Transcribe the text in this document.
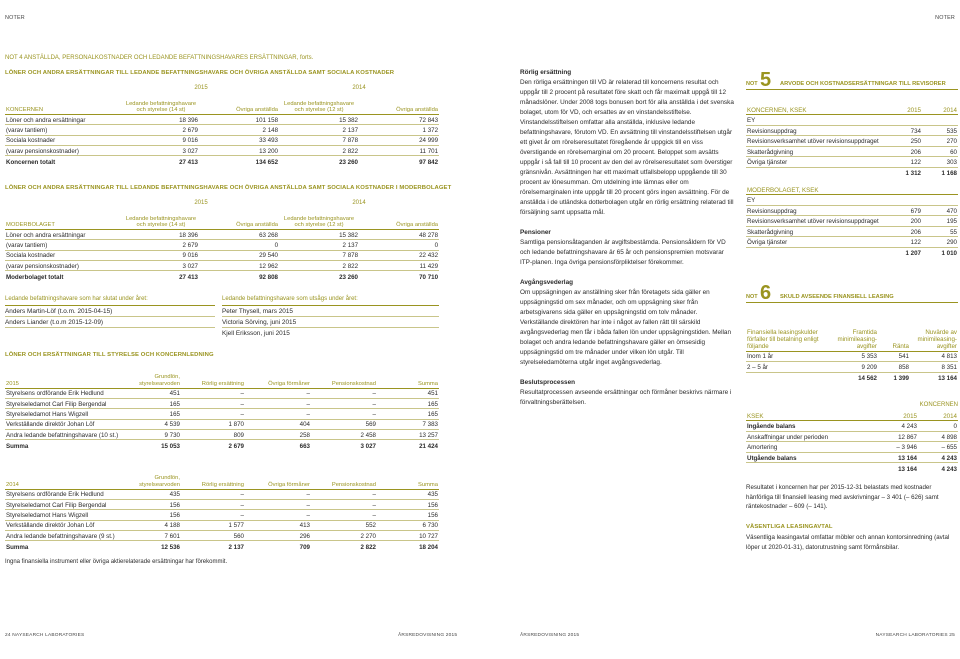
NOTER	NOTER
NOT 4 ANSTÄLLDA, PERSONALKOSTNADER OCH LEDANDE BEFATTNINGSHAVARES ERSÄTTNINGAR, forts.
LÖNER OCH ANDRA ERSÄTTNINGAR TILL LEDANDE BEFATTNINGSHAVARE OCH ÖVRIGA ANSTÄLLDA SAMT SOCIALA KOSTNADER
	2015		2014	
KONCERNEN	Ledande befattningshavare och styrelse (14 st)	Övriga anställda	Ledande befattningshavare och styrelse (12 st)	Övriga anställda
Löner och andra ersättningar	18 396	101 158	15 382	72 843
(varav tantiem)	2 679	2 148	2 137	1 372
Sociala kostnader	9 016	33 493	7 878	24 999
(varav pensionskostnader)	3 027	13 200	2 822	11 701
Koncernen totalt	27 413	134 652	23 260	97 842
LÖNER OCH ANDRA ERSÄTTNINGAR TILL LEDANDE BEFATTNINGSHAVARE OCH ÖVRIGA ANSTÄLLDA SAMT SOCIALA KOSTNADER I MODERBOLAGET
	2015		2014	
MODERBOLAGET	Ledande befattningshavare och styrelse (14 st)	Övriga anställda	Ledande befattningshavare och styrelse (12 st)	Övriga anställda
Löner och andra ersättningar	18 396	63 268	15 382	48 278
(varav tantiem)	2 679	0	2 137	0
Sociala kostnader	9 016	29 540	7 878	22 432
(varav pensionskostnader)	3 027	12 962	2 822	11 429
Moderbolaget totalt	27 413	92 808	23 260	70 710
Ledande befattningshavare som har slutat under året:
Anders Martin-Löf (t.o.m. 2015-04-15)
Anders Liander (t.o.m 2015-12-09)
Ledande befattningshavare som utsågs under året:
Peter Thysell, mars 2015
Victoria Sörving, juni 2015
Kjell Eriksson, juni 2015
LÖNER OCH ERSÄTTNINGAR TILL STYRELSE OCH KONCERNLEDNING
2015	Grundlön, styrelsearvoden	Rörlig ersättning	Övriga förmåner	Pensionskostnad	Summa
Styrelsens ordförande Erik Hedlund	451	–	–	–	451
Styrelseledamot Carl Filip Bergendal	165	–	–	–	165
Styrelseledamot Hans Wigzell	165	–	–	–	165
Verkställande direktör Johan Löf	4 539	1 870	404	569	7 383
Andra ledande befattningshavare (10 st.)	9 730	809	258	2 458	13 257
Summa	15 053	2 679	663	3 027	21 424
2014	Grundlön, styrelsearvoden	Rörlig ersättning	Övriga förmåner	Pensionskostnad	Summa
Styrelsens ordförande Erik Hedlund	435	–	–	–	435
Styrelseledamot Carl Filip Bergendal	156	–	–	–	156
Styrelseledamot Hans Wigzell	156	–	–	–	156
Verkställande direktör Johan Löf	4 188	1 577	413	552	6 730
Andra ledande befattningshavare (9 st.)	7 601	560	296	2 270	10 727
Summa	12 536	2 137	709	2 822	18 204
Ingna finansiella instrument eller övriga aktierelaterade ersättningar har förekommit.
Rörlig ersättning

Den rörliga ersättningen till VD är relaterad till koncernens resultat och uppgår till 2 procent på resultatet före skatt och får maximalt uppgå till 12 månadslöner. Under 2008 togs bonusen bort för alla anställda i det svenska bolaget, utom för VD, och ersattes av en vinstandelsstiftelse. Vinstandelsstiftelsen omfattar alla anställda, inklusive ledande befattningshavare, förutom VD. En avsättning till vinstandelsstiftelsen utgår ett givet år om rörelseresultatet föregående år uppgick till en viss överstigande en rörelsemarginal om 20 procent. Beloppet som avsätts uppgår i så fall till 10 procent av den del av rörelseresultatet som överstiger gränsnivån. Avsättningen har ett maximalt utfallsbelopp uppgående till 30 procent av lönesumman. Om utdelning inte lämnas eller om rörelsemarginalen inte uppgår till 20 procent görs ingen avsättning. För de anställda i de utländska dotterbolagen utgår en rörlig ersättning relaterad till försäljning samt uppsatta mål.

Pensioner

Samtliga pensionsåtaganden är avgiftsbestämda. Pensionsåldern för VD och ledande befattningshavare är 65 år och pensionspremien motsvarar ITP-planen. Inga övriga pensionsförpliktelser förekommer.

Avgångsvederlag

Om uppsägningen av anställning sker från företagets sida gäller en uppsägningstid om sex månader, och om uppsägning sker från arbetsgivarens sida gäller en uppsägningstid om tolv månader. Verkställande direktören har inte i något av fallen rätt till särskild avgångsvederlag men får i båda fallen lön under uppsägningstiden. Mellan bolaget och andra ledande befattningshavare gäller en ömsesidig uppsägningstid om tre månader under vilken lön utgår. Till styrelseledamöterna utgår inget avgångsvederlag.

Beslutsprocessen

Resultatprocessen avseende ersättningar och förmåner beskrivs närmare i förvaltningsberättelsen.

NOT 5 ARVODE OCH KOSTNADSERSÄTTNINGAR TILL REVISORER
KONCERNEN, KSEK	2015	2014
EY		
Revisionsuppdrag	734	535
Revisionsverksamhet utöver revisionsuppdraget	250	270
Skatterådgivning	206	60
Övriga tjänster	122	303
	1 312	1 168
MODERBOLAGET, KSEK		
EY		
Revisionsuppdrag	679	470
Revisionsverksamhet utöver revisionsuppdraget	200	195
Skatterådgivning	206	55
Övriga tjänster	122	290
	1 207	1 010
NOT 6 SKULD AVSEENDE FINANSIELL LEASING
Finansiella leasingskulder förfaller till betalning enligt följande	Framtida minimileasing-avgifter	Ränta	Nuvärde av minimileasing-avgifter
Inom 1 år	5 353	541	4 813
2 – 5 år	9 209	858	8 351
	14 562	1 399	13 164
KONCERNEN
KSEK	2015	2014
Ingående balans	4 243	0
Anskaffningar under perioden	12 867	4 898
Amortering	– 3 946	– 655
Utgående balans	13 164	4 243
	13 164	4 243
Resultatet i koncernen har per 2015-12-31 belastats med kostnader hänförliga till finansiell leasing med avskrivningar – 3 401 (– 626) samt räntekostnader – 609 (– 141).
VÄSENTLIGA LEASINGAVTAL
Väsentliga leasingavtal omfattar möbler och annan kontorsinredning (avtal löper ut 2020-01-31), datorutrustning samt förmånsbilar.
24 NAYSEARCH LABORATORIES	ÅRSREDOVISNING 2015	ÅRSREDOVISNING 2015	NAYSEARCH LABORATORIES 25
